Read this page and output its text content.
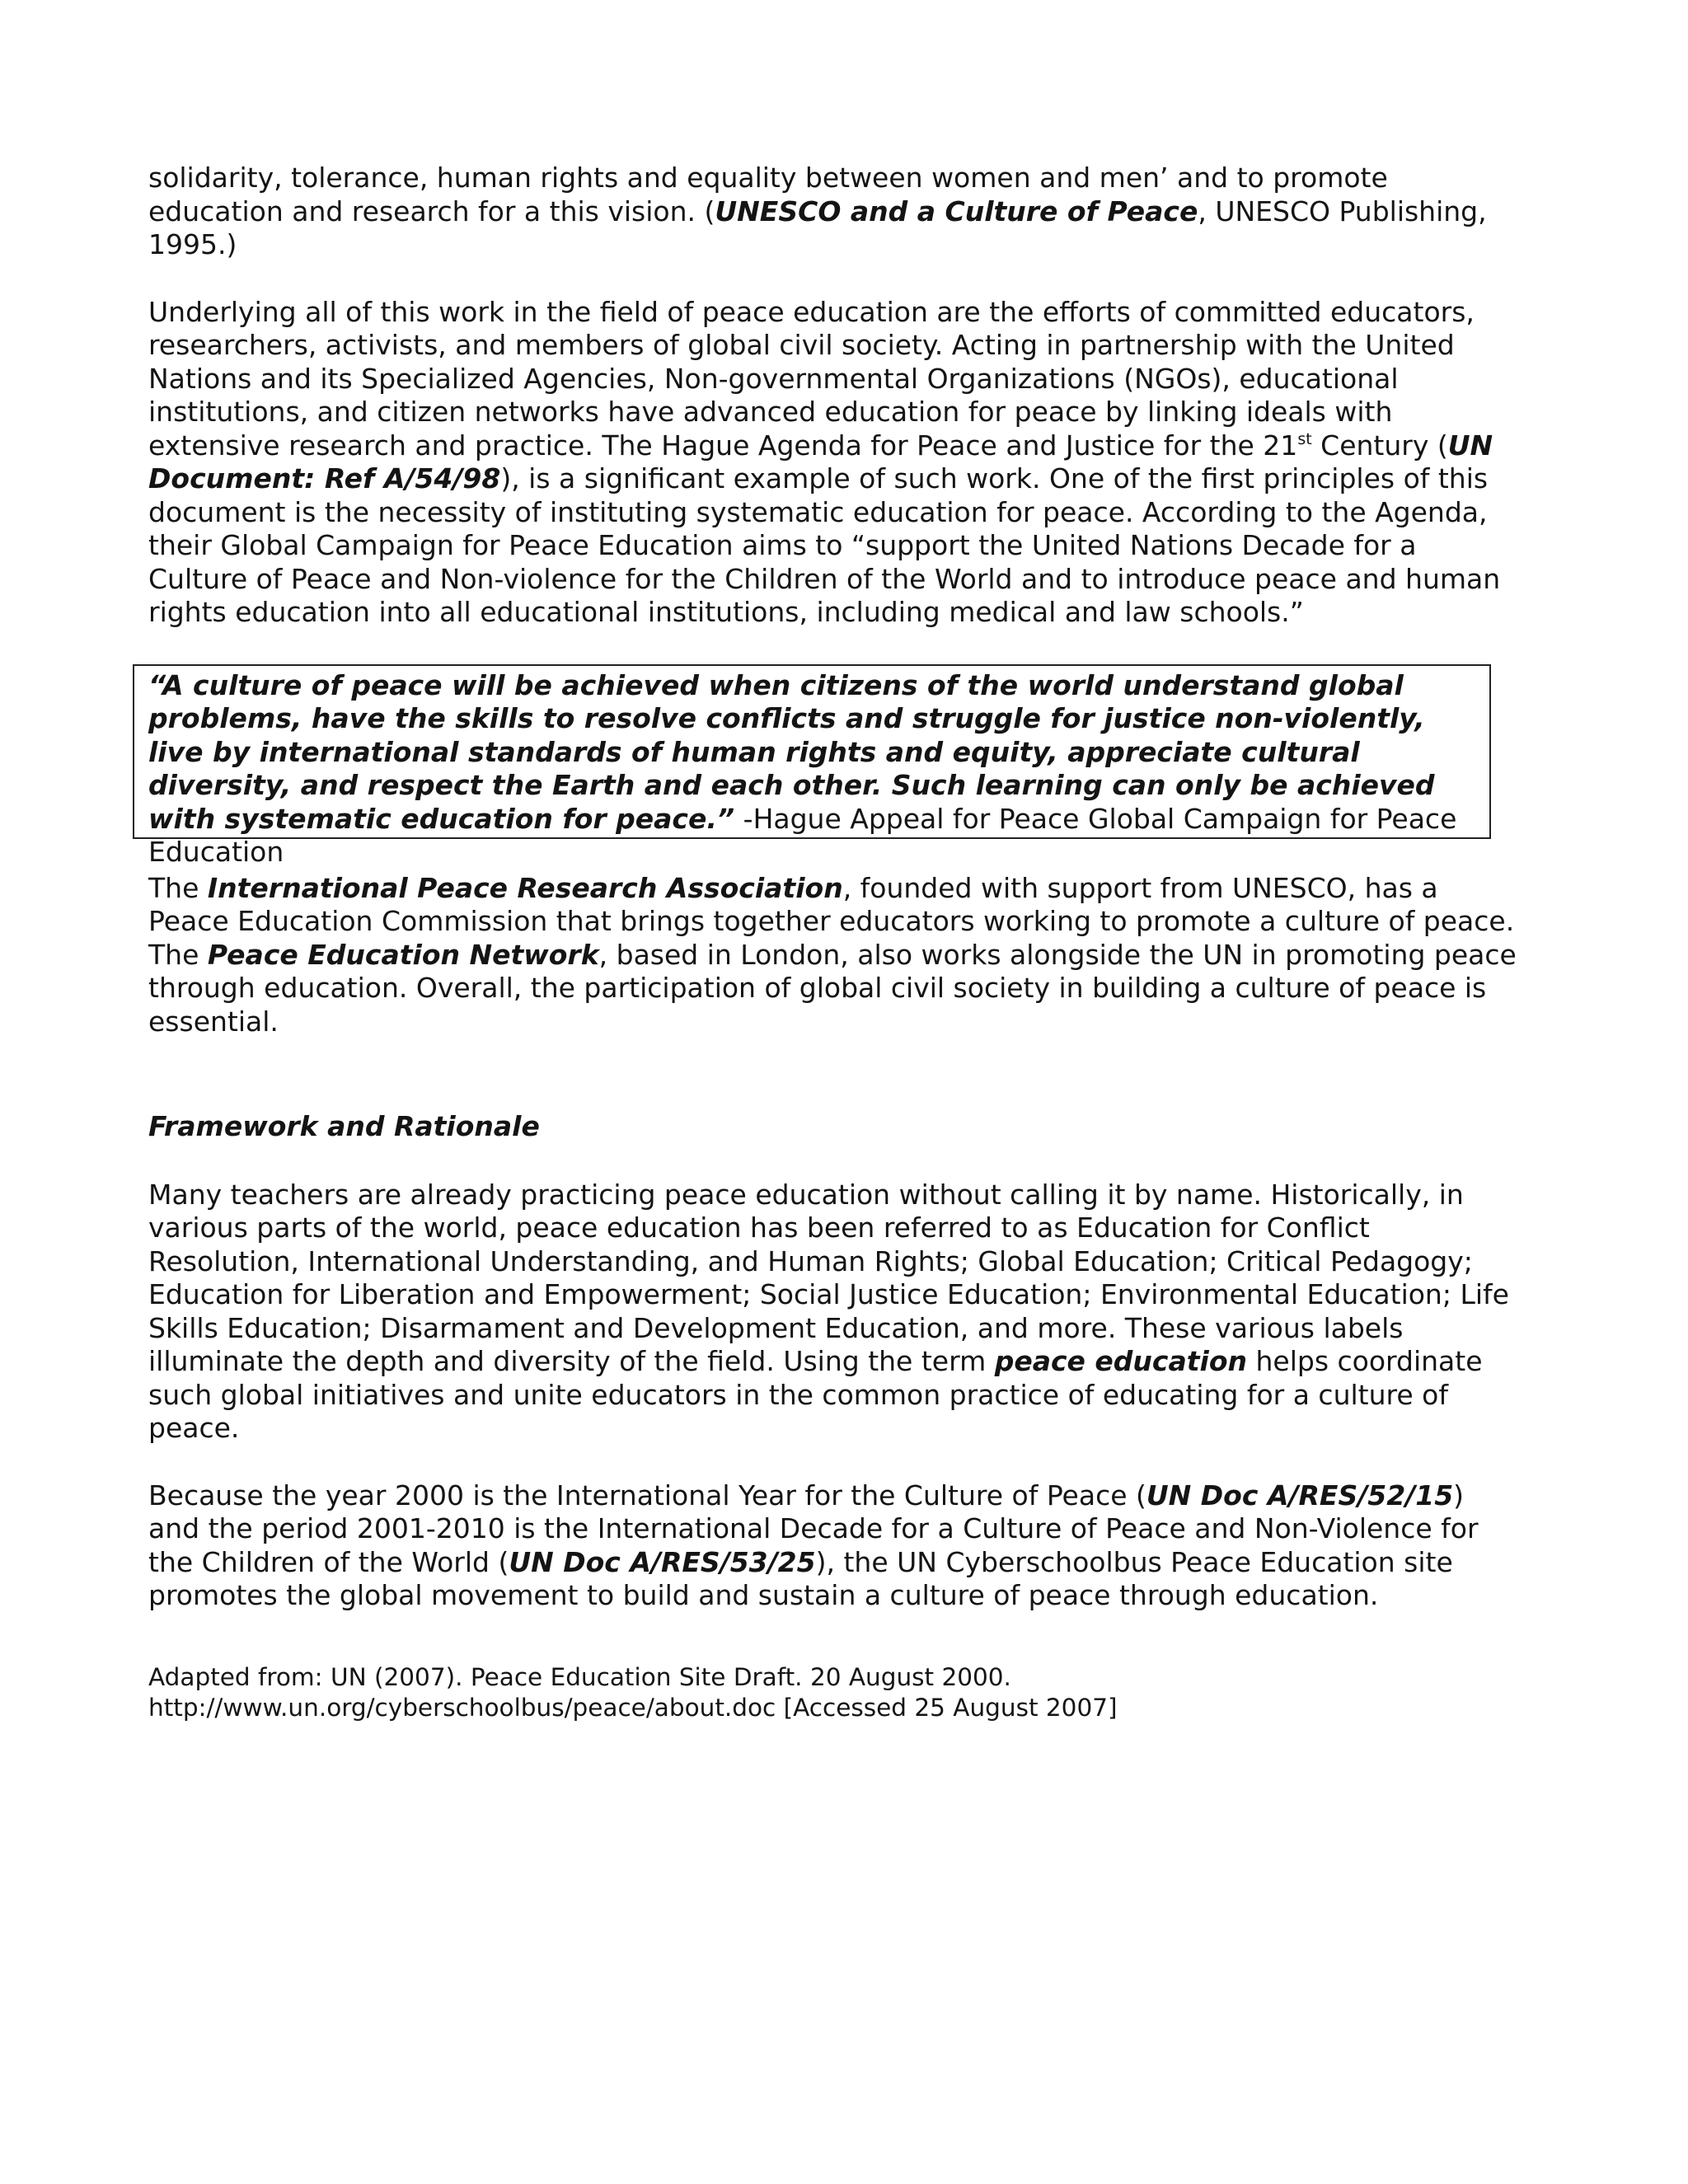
solidarity, tolerance, human rights and equality between women and men’ and to promote education and research for a this vision. (UNESCO and a Culture of Peace, UNESCO Publishing, 1995.)

Underlying all of this work in the field of peace education are the efforts of committed educators, researchers, activists, and members of global civil society. Acting in partnership with the United Nations and its Specialized Agencies, Non-governmental Organizations (NGOs), educational institutions, and citizen networks have advanced education for peace by linking ideals with extensive research and practice. The Hague Agenda for Peace and Justice for the 21st Century (UN Document: Ref A/54/98), is a significant example of such work. One of the first principles of this document is the necessity of instituting systematic education for peace. According to the Agenda, their Global Campaign for Peace Education aims to “support the United Nations Decade for a Culture of Peace and Non-violence for the Children of the World and to introduce peace and human rights education into all educational institutions, including medical and law schools.”

“A culture of peace will be achieved when citizens of the world understand global problems, have the skills to resolve conflicts and struggle for justice non-violently, live by international standards of human rights and equity, appreciate cultural diversity, and respect the Earth and each other. Such learning can only be achieved with systematic education for peace.” -Hague Appeal for Peace Global Campaign for Peace Education

The International Peace Research Association, founded with support from UNESCO, has a Peace Education Commission that brings together educators working to promote a culture of peace. The Peace Education Network, based in London, also works alongside the UN in promoting peace through education. Overall, the participation of global civil society in building a culture of peace is essential.

Framework and Rationale

Many teachers are already practicing peace education without calling it by name. Historically, in various parts of the world, peace education has been referred to as Education for Conflict Resolution, International Understanding, and Human Rights; Global Education; Critical Pedagogy; Education for Liberation and Empowerment; Social Justice Education; Environmental Education; Life Skills Education; Disarmament and Development Education, and more. These various labels illuminate the depth and diversity of the field. Using the term peace education helps coordinate such global initiatives and unite educators in the common practice of educating for a culture of peace.

Because the year 2000 is the International Year for the Culture of Peace (UN Doc A/RES/52/15) and the period 2001-2010 is the International Decade for a Culture of Peace and Non-Violence for the Children of the World (UN Doc A/RES/53/25), the UN Cyberschoolbus Peace Education site promotes the global movement to build and sustain a culture of peace through education.

Adapted from: UN (2007). Peace Education Site Draft. 20 August 2000.
http://www.un.org/cyberschoolbus/peace/about.doc [Accessed 25 August 2007]
